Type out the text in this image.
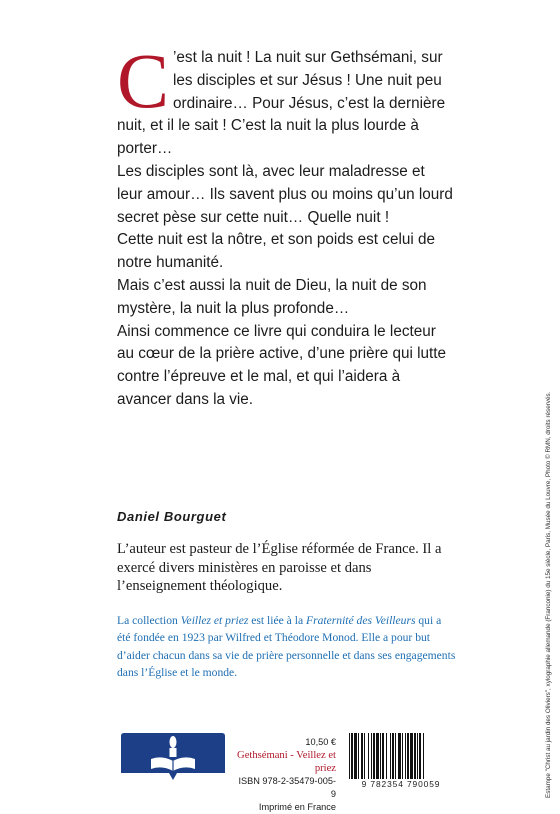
C ’est la nuit ! La nuit sur Gethsémani, sur les disciples et sur Jésus ! Une nuit peu ordinaire… Pour Jésus, c’est la dernière nuit, et il le sait ! C’est la nuit la plus lourde à porter…

Les disciples sont là, avec leur maladresse et leur amour… Ils savent plus ou moins qu’un lourd secret pèse sur cette nuit… Quelle nuit !

Cette nuit est la nôtre, et son poids est celui de notre humanité.

Mais c’est aussi la nuit de Dieu, la nuit de son mystère, la nuit la plus profonde…

Ainsi commence ce livre qui conduira le lecteur au cœur de la prière active, d’une prière qui lutte contre l’épreuve et le mal, et qui l’aidera à avancer dans la vie.

Daniel Bourguet
L’auteur est pasteur de l’Église réformée de France. Il a exercé divers ministères en paroisse et dans l’enseignement théologique.
La collection Veillez et priez est liée à la Fraternité des Veilleurs qui a été fondée en 1923 par Wilfred et Théodore Monod. Elle a pour but d’aider chacun dans sa vie de prière personnelle et dans ses engagements dans l’Église et le monde.
10,50 €
Gethsémani - Veillez et priez
ISBN 978-2-35479-005-9
Imprimé en France
9 782354 790059	Estampe "Christ au jardin des Oliviers", xylographie allemande (Franconie) du 15e siècle, Paris, Musée du Louvre, Photo © RMN, droits réservés.
